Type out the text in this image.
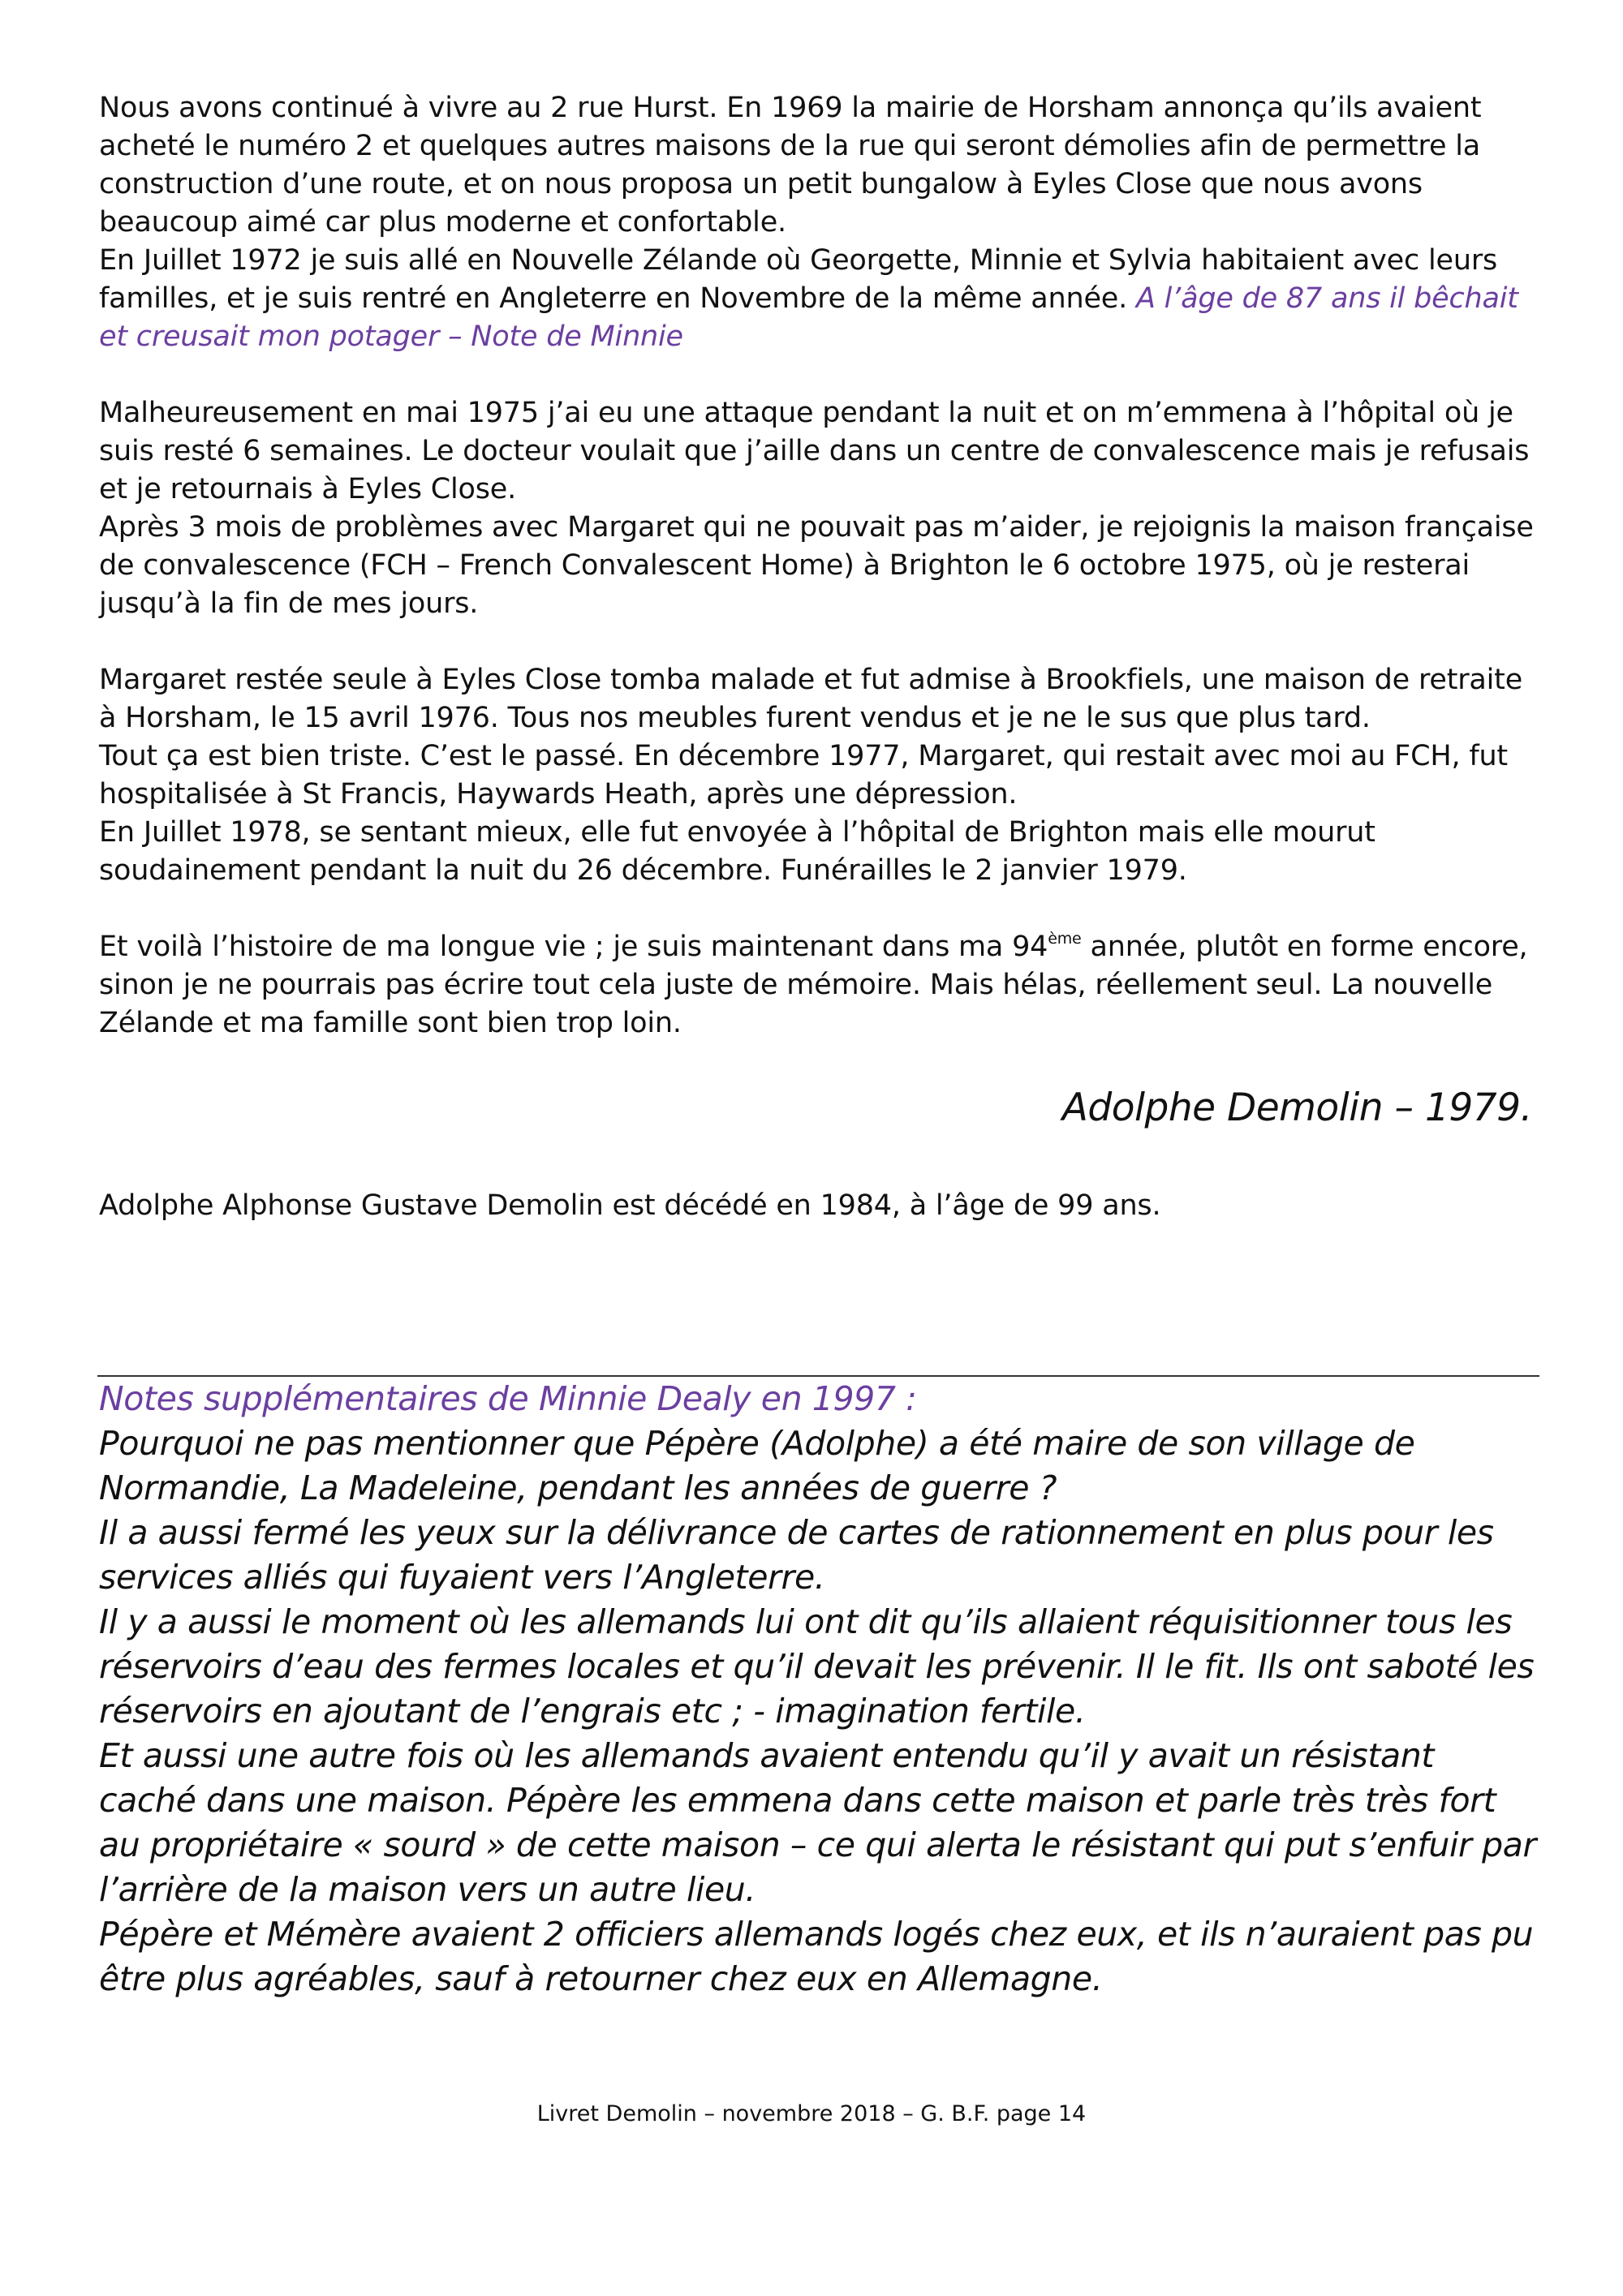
Nous avons continué à vivre au 2 rue Hurst. En 1969 la mairie de Horsham annonça qu’ils avaient acheté le numéro 2 et quelques autres maisons de la rue qui seront démolies afin de permettre la construction d’une route, et on nous proposa un petit bungalow à Eyles Close que nous avons beaucoup aimé car plus moderne et confortable.

En Juillet 1972 je suis allé en Nouvelle Zélande où Georgette, Minnie et Sylvia habitaient avec leurs familles, et je suis rentré en Angleterre en Novembre de la même année. A l’âge de 87 ans il bêchait et creusait mon potager – Note de Minnie

Malheureusement en mai 1975 j’ai eu une attaque pendant la nuit et on m’emmena à l’hôpital où je suis resté 6 semaines. Le docteur voulait que j’aille dans un centre de convalescence mais je refusais et je retournais à Eyles Close.

Après 3 mois de problèmes avec Margaret qui ne pouvait pas m’aider, je rejoignis la maison française de convalescence (FCH – French Convalescent Home) à Brighton le 6 octobre 1975, où je resterai jusqu’à la fin de mes jours.

Margaret restée seule à Eyles Close tomba malade et fut admise à Brookfiels, une maison de retraite à Horsham, le 15 avril 1976. Tous nos meubles furent vendus et je ne le sus que plus tard.

Tout ça est bien triste. C’est le passé. En décembre 1977, Margaret, qui restait avec moi au FCH, fut hospitalisée à St Francis, Haywards Heath, après une dépression.

En Juillet 1978, se sentant mieux, elle fut envoyée à l’hôpital de Brighton mais elle mourut soudainement pendant la nuit du 26 décembre. Funérailles le 2 janvier 1979.

Et voilà l’histoire de ma longue vie ; je suis maintenant dans ma 94ème année, plutôt en forme encore, sinon je ne pourrais pas écrire tout cela juste de mémoire. Mais hélas, réellement seul. La nouvelle Zélande et ma famille sont bien trop loin.

Adolphe Demolin – 1979.
Adolphe Alphonse Gustave Demolin est décédé en 1984, à l’âge de 99 ans.

Notes supplémentaires de Minnie Dealy en 1997 :

Pourquoi ne pas mentionner que Pépère (Adolphe) a été maire de son village de Normandie, La Madeleine, pendant les années de guerre ?

Il a aussi fermé les yeux sur la délivrance de cartes de rationnement en plus pour les services alliés qui fuyaient vers l’Angleterre.

Il y a aussi le moment où les allemands lui ont dit qu’ils allaient réquisitionner tous les réservoirs d’eau des fermes locales et qu’il devait les prévenir. Il le fit. Ils ont saboté les réservoirs en ajoutant de l’engrais etc ; - imagination fertile.

Et aussi une autre fois où les allemands avaient entendu qu’il y avait un résistant caché dans une maison. Pépère les emmena dans cette maison et parle très très fort au propriétaire « sourd » de cette maison – ce qui alerta le résistant qui put s’enfuir par l’arrière de la maison vers un autre lieu.

Pépère et Mémère avaient 2 officiers allemands logés chez eux, et ils n’auraient pas pu être plus agréables, sauf à retourner chez eux en Allemagne.

Livret Demolin – novembre 2018 – G. B.F. page 14
